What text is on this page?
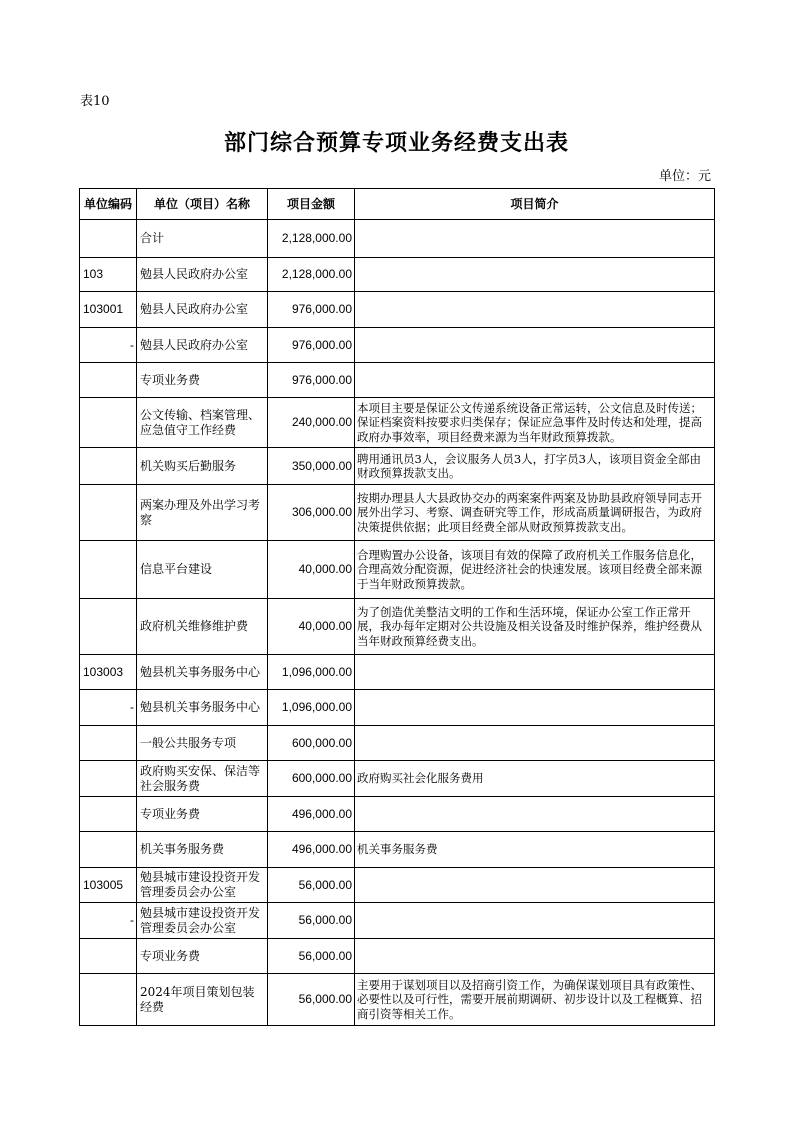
表10
部门综合预算专项业务经费支出表
单位：元
单位编码	单位（项目）名称	项目金额	项目简介
	合计	2,128,000.00	
103	勉县人民政府办公室	2,128,000.00	
103001	勉县人民政府办公室	976,000.00	
-	勉县人民政府办公室	976,000.00	
	专项业务费	976,000.00	
	公文传输、档案管理、应急值守工作经费	240,000.00	本项目主要是保证公文传递系统设备正常运转，公文信息及时传送；保证档案资料按要求归类保存；保证应急事件及时传达和处理，提高政府办事效率，项目经费来源为当年财政预算拨款。
	机关购买后勤服务	350,000.00	聘用通讯员3人，会议服务人员3人，打字员3人，该项目资金全部由财政预算拨款支出。
	两案办理及外出学习考察	306,000.00	按期办理县人大县政协交办的两案案件两案及协助县政府领导同志开展外出学习、考察、调查研究等工作，形成高质量调研报告，为政府决策提供依据；此项目经费全部从财政预算拨款支出。
	信息平台建设	40,000.00	合理购置办公设备，该项目有效的保障了政府机关工作服务信息化，合理高效分配资源，促进经济社会的快速发展。该项目经费全部来源于当年财政预算拨款。
	政府机关维修维护费	40,000.00	为了创造优美整洁文明的工作和生活环境，保证办公室工作正常开展，我办每年定期对公共设施及相关设备及时维护保养，维护经费从当年财政预算经费支出。
103003	勉县机关事务服务中心	1,096,000.00	
-	勉县机关事务服务中心	1,096,000.00	
	一般公共服务专项	600,000.00	
	政府购买安保、保洁等社会服务费	600,000.00	政府购买社会化服务费用
	专项业务费	496,000.00	
	机关事务服务费	496,000.00	机关事务服务费
103005	勉县城市建设投资开发管理委员会办公室	56,000.00	
-	勉县城市建设投资开发管理委员会办公室	56,000.00	
	专项业务费	56,000.00	
	2024年项目策划包装经费	56,000.00	主要用于谋划项目以及招商引资工作，为确保谋划项目具有政策性、必要性以及可行性，需要开展前期调研、初步设计以及工程概算、招商引资等相关工作。
